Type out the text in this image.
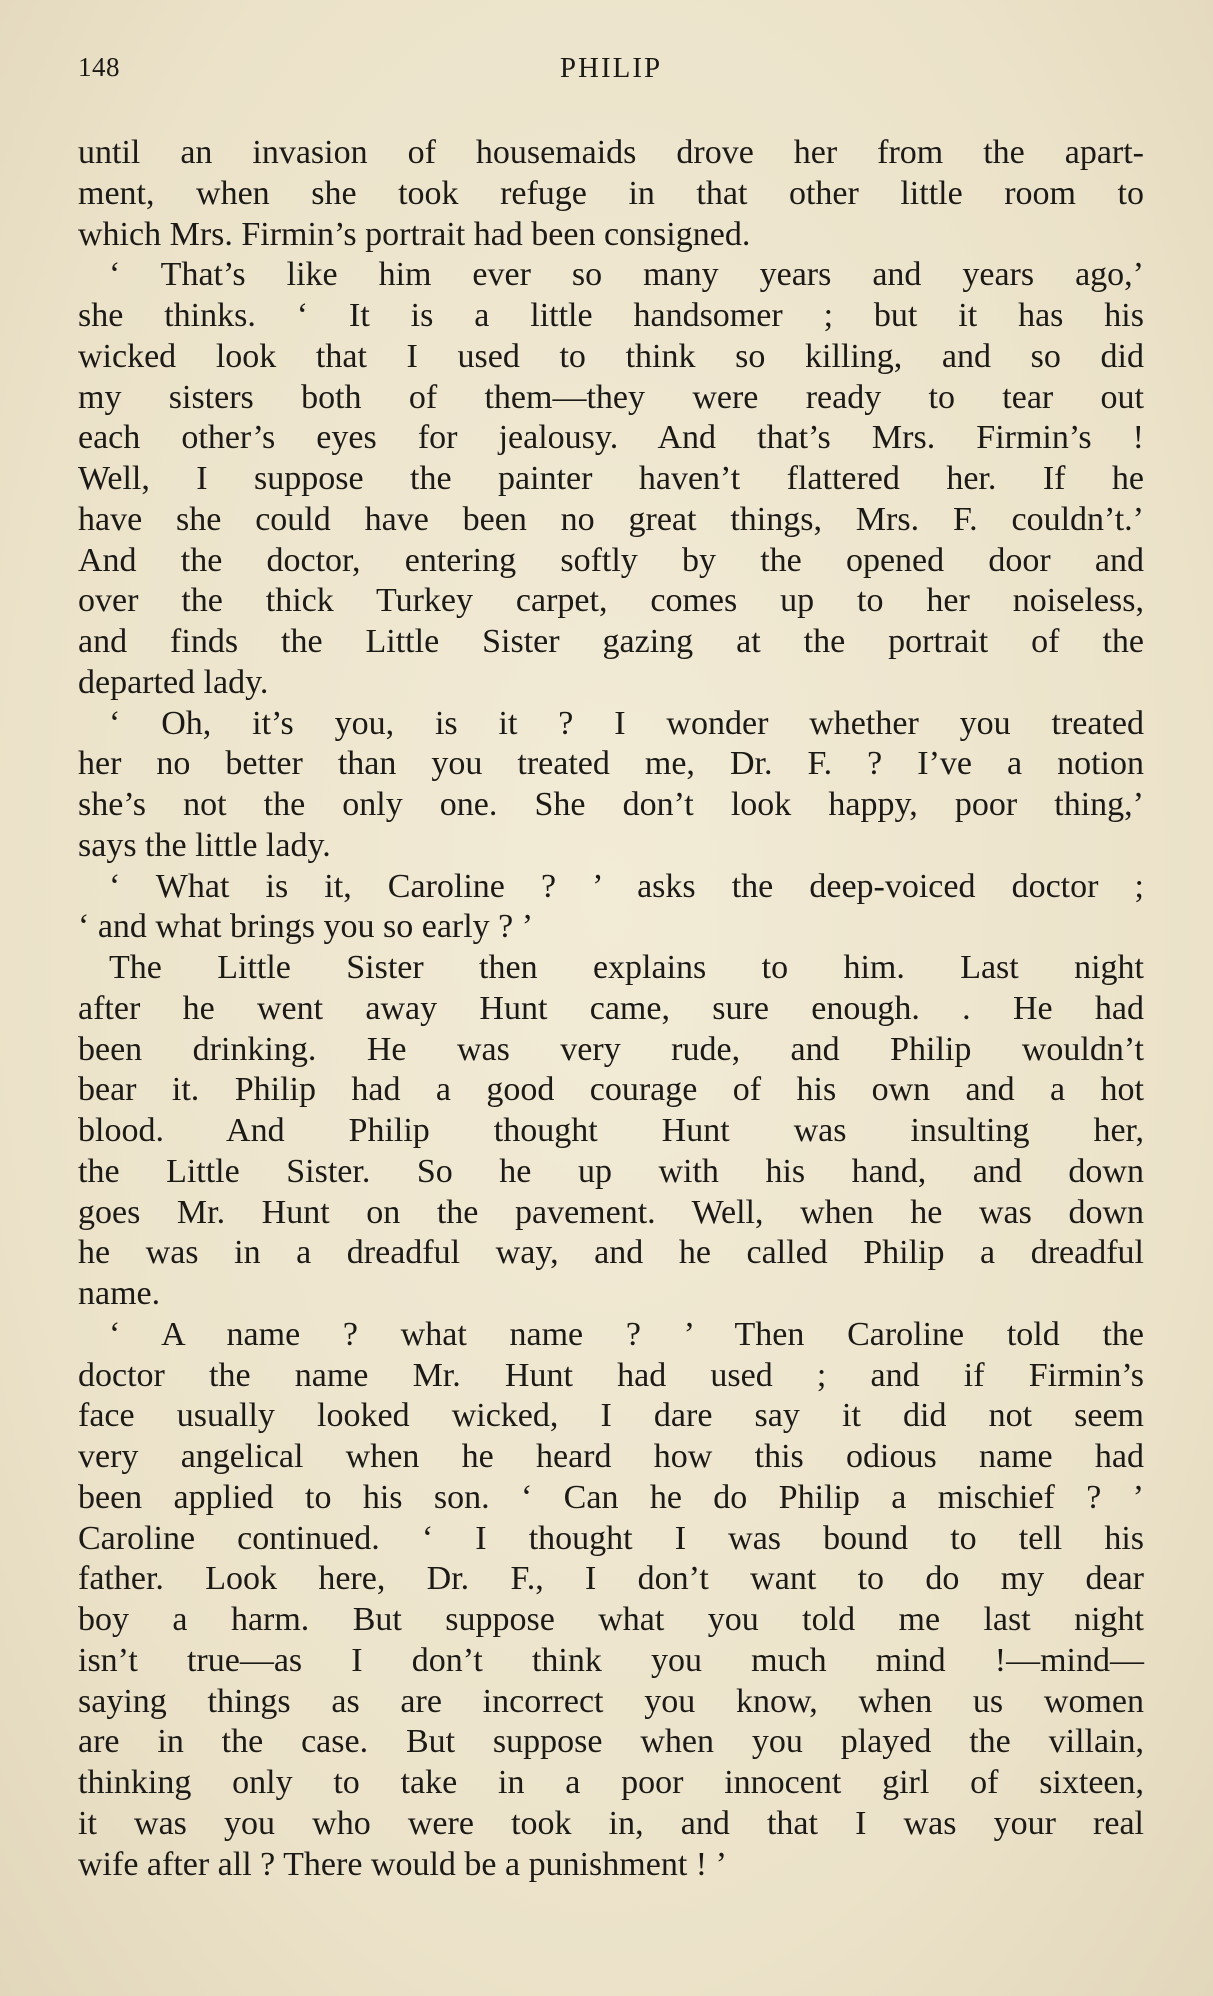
148	PHILIP
until an invasion of housemaids drove her from the apart-
ment, when she took refuge in that other little room to
which Mrs. Firmin’s portrait had been consigned.
‘ That’s like him ever so many years and years ago,’
she thinks. ‘ It is a little handsomer ; but it has his
wicked look that I used to think so killing, and so did
my sisters both of them—they were ready to tear out
each other’s eyes for jealousy. And that’s Mrs. Firmin’s !
Well, I suppose the painter haven’t flattered her. If he
have she could have been no great things, Mrs. F. couldn’t.’
And the doctor, entering softly by the opened door and
over the thick Turkey carpet, comes up to her noiseless,
and finds the Little Sister gazing at the portrait of the
departed lady.
‘ Oh, it’s you, is it ? I wonder whether you treated
her no better than you treated me, Dr. F. ? I’ve a notion
she’s not the only one. She don’t look happy, poor thing,’
says the little lady.
‘ What is it, Caroline ? ’ asks the deep-voiced doctor ;
‘ and what brings you so early ? ’
The Little Sister then explains to him. Last night
after he went away Hunt came, sure enough. . He had
been drinking. He was very rude, and Philip wouldn’t
bear it. Philip had a good courage of his own and a hot
blood. And Philip thought Hunt was insulting her,
the Little Sister. So he up with his hand, and down
goes Mr. Hunt on the pavement. Well, when he was down
he was in a dreadful way, and he called Philip a dreadful
name.
‘ A name ? what name ? ’ Then Caroline told the
doctor the name Mr. Hunt had used ; and if Firmin’s
face usually looked wicked, I dare say it did not seem
very angelical when he heard how this odious name had
been applied to his son. ‘ Can he do Philip a mischief ? ’
Caroline continued. ‘ I thought I was bound to tell his
father. Look here, Dr. F., I don’t want to do my dear
boy a harm. But suppose what you told me last night
isn’t true—as I don’t think you much mind !—mind—
saying things as are incorrect you know, when us women
are in the case. But suppose when you played the villain,
thinking only to take in a poor innocent girl of sixteen,
it was you who were took in, and that I was your real
wife after all ? There would be a punishment ! ’
